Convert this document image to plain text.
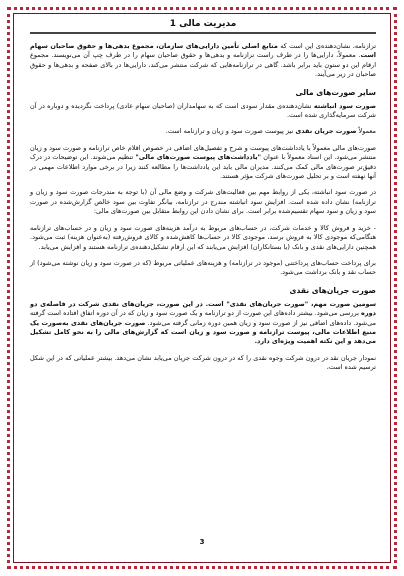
مدیریت مالی 1

ترازنامه، نشان‌دهنده‌ی این است که منابع اصلی تأمین دارایی‌های سازمان، مجموع بدهی‌ها و حقوق صاحبان سهام است. معمولاً، دارایی‌ها را در طرف راست ترازنامه و بدهی‌ها و حقوق صاحبان سهام را در طرف چپ آن می‌نویسند. مجموع ارقام این دو ستون باید برابر باشد. گاهی در ترازنامه‌هایی که شرکت منتشر می‌کند، دارایی‌ها در بالای صفحه و بدهی‌ها و حقوق صاحبان در زیر می‌آیند.

سایر صورت‌های مالی

صورت سود انباشته نشان‌دهنده‌ی مقدار سودی است که به سهامداران (صاحبان سهام عادی) پرداخت نگردیده و دوباره در آن شرکت سرمایه‌گذاری شده است.

معمولاً صورت جریان نقدی نیز پیوست صورت سود و زیان و ترازنامه است.

صورت‌های مالی معمولاً با یادداشت‌های پیوست و شرح و تفصیل‌های اضافی در خصوص اقلام خاص ترازنامه و صورت سود و زیان منتشر می‌شود. این اسناد معمولاً با عنوان "یادداشت‌های پیوست صورت‌های مالی" تنظیم می‌شوند. این توضیحات در درک دقیق‌تر صورت‌های مالی کمک می‌کنند. مدیران مالی باید این یادداشت‌ها را مطالعه کنند زیرا در برخی موارد اطلاعات مهمی در آنها نهفته است و بر تحلیل صورت‌های شرکت مؤثر هستند.

در صورت سود انباشته، یکی از روابط مهم بین فعالیت‌های شرکت و وضع مالی آن (با توجه به مندرجات صورت سود و زیان و ترازنامه) نشان داده شده است. افزایش سود انباشته مندرج در ترازنامه، بیانگر تفاوت بین سود خالص گزارش‌شده در صورت سود و زیان و سود سهام تقسیم‌شده برابر است. برای نشان دادن این روابط متقابل بین صورت‌های مالی:

- خرید و فروش کالا و خدمات شرکت، در حساب‌های مربوط به درآمد هزینه‌های صورت سود و زیان و در حساب‌های ترازنامه هنگامی‌که موجودی کالا به فروش برسد، موجودی کالا در حساب‌ها کاهش‌شده و کالای فروش‌رفته (به‌عنوان هزینه) ثبت می‌شود. همچنین دارایی‌های نقدی و بانک (یا بستانکاران) افزایش می‌یابند که این ارقام تشکیل‌دهنده‌ی ترازنامه هستند و افزایش می‌یابد.

برای پرداخت حساب‌های پرداختنی (موجود در ترازنامه) و هزینه‌های عملیاتی مربوط (که در صورت سود و زیان نوشته می‌شود) از حساب نقد و بانک برداشت می‌شود.

صورت جریان‌های نقدی

سومین صورت مهم، "صورت جریان‌های نقدی" است. در این صورت، جریان‌های نقدی شرکت در فاصله‌ی دو دوره بررسی می‌شود. بیشتر داده‌های این صورت از دو ترازنامه و یک صورت سود و زیان که در آن دوره اتفاق افتاده است گرفته می‌شود. داده‌های اضافی نیز از صورت سود و زیان همین دوره زمانی گرفته می‌شود. صورت جریان‌های نقدی به‌صورت یک منبع اطلاعات مالی، پیوست ترازنامه و صورت سود و زیان است که گزارش‌های مالی را به نحو کامل تشکیل می‌دهد و این نکته اهمیت ویژه‌ای دارد.

نمودار جریان نقد در درون شرکت وجوه نقدی را که در درون شرکت جریان می‌یابد نشان می‌دهد. بیشتر عملیاتی که در این شکل ترسیم شده است،

3
